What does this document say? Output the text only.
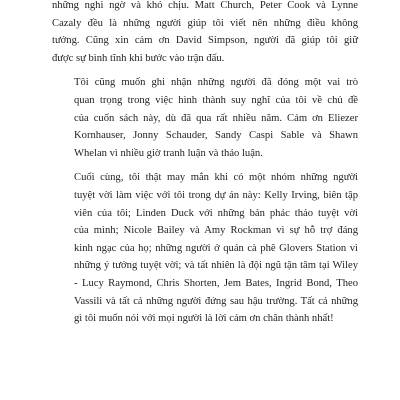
những nghi ngờ và khó chịu. Matt Church, Peter Cook và Lynne
Cazaly đều là những người giúp tôi viết nên những điều không
tưởng. Cũng xin cảm ơn David Simpson, người đã giúp tôi giữ
được sự bình tĩnh khi bước vào trận đấu.

Tôi cũng muốn ghi nhận những người đã đóng một vai trò
quan trọng trong việc hình thành suy nghĩ của tôi về chủ đề
của cuốn sách này, dù đã qua rất nhiều năm. Cảm ơn Eliezer
Kornhauser, Jonny Schauder, Sandy Caspi Sable và Shawn
Whelan vì nhiều giờ tranh luận và thảo luận.

Cuối cùng, tôi thật may mắn khi có một nhóm những người
tuyệt vời làm việc với tôi trong dự án này: Kelly Irving, biên tập
viên của tôi; Linden Duck với những bản phác thảo tuyệt vời
của mình; Nicole Bailey và Amy Rockman vì sự hỗ trợ đáng
kinh ngạc của họ; những người ở quán cà phê Glovers Station vì
những ý tưởng tuyệt vời; và tất nhiên là đội ngũ tận tâm tại Wiley
- Lucy Raymond, Chris Shorten, Jem Bates, Ingrid Bond, Theo
Vassili và tất cả những người đứng sau hậu trường. Tất cả những
gì tôi muốn nói với mọi người là lời cảm ơn chân thành nhất!
